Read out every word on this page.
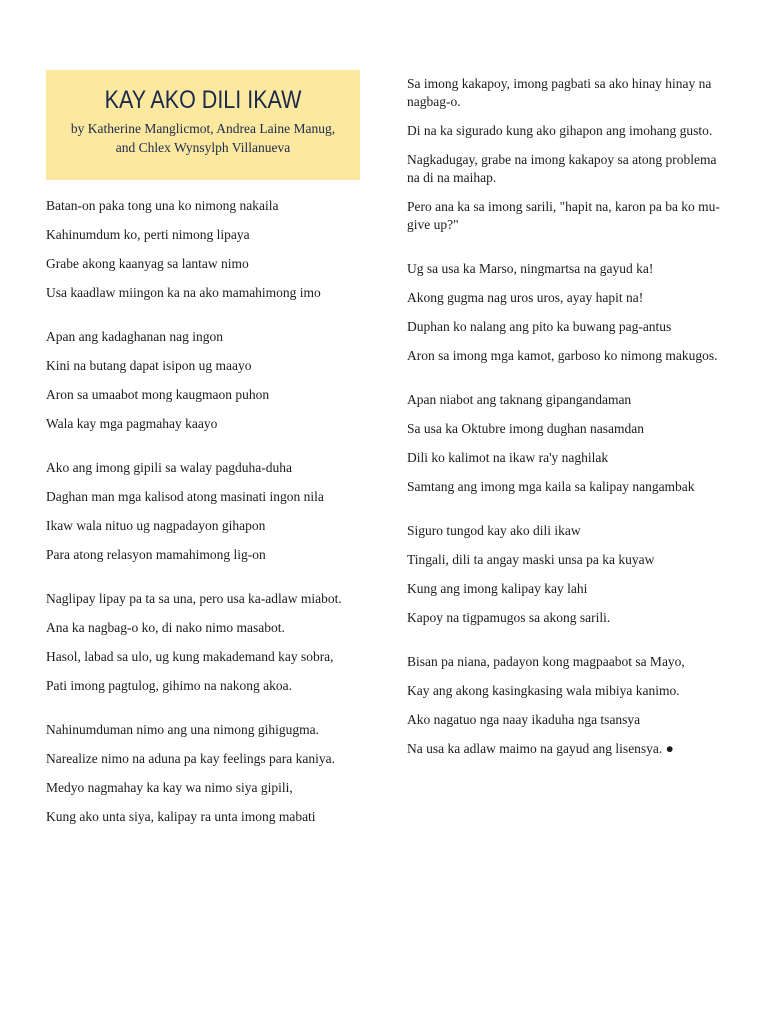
KAY AKO DILI IKAW
by Katherine Manglicmot, Andrea Laine Manug,
and Chlex Wynsylph Villanueva

Batan-on paka tong una ko nimong nakaila

Kahinumdum ko, perti nimong lipaya

Grabe akong kaanyag sa lantaw nimo

Usa kaadlaw miingon ka na ako mamahimong imo

Apan ang kadaghanan nag ingon

Kini na butang dapat isipon ug maayo

Aron sa umaabot mong kaugmaon puhon

Wala kay mga pagmahay kaayo

Ako ang imong gipili sa walay pagduha-duha

Daghan man mga kalisod atong masinati ingon nila

Ikaw wala nituo ug nagpadayon gihapon

Para atong relasyon mamahimong lig-on

Naglipay lipay pa ta sa una, pero usa ka-adlaw miabot.

Ana ka nagbag-o ko, di nako nimo masabot.

Hasol, labad sa ulo, ug kung makademand kay sobra,

Pati imong pagtulog, gihimo na nakong akoa.

Nahinumduman nimo ang una nimong gihigugma.

Narealize nimo na aduna pa kay feelings para kaniya.

Medyo nagmahay ka kay wa nimo siya gipili,

Kung ako unta siya, kalipay ra unta imong mabati

Sa imong kakapoy, imong pagbati sa ako hinay hinay na nagbag-o.

Di na ka sigurado kung ako gihapon ang imohang gusto.

Nagkadugay, grabe na imong kakapoy sa atong problema na di na maihap.

Pero ana ka sa imong sarili, "hapit na, karon pa ba ko mu-give up?"

Ug sa usa ka Marso, ningmartsa na gayud ka!

Akong gugma nag uros uros, ayay hapit na!

Duphan ko nalang ang pito ka buwang pag-antus

Aron sa imong mga kamot, garboso ko nimong makugos.

Apan niabot ang taknang gipangandaman

Sa usa ka Oktubre imong dughan nasamdan

Dili ko kalimot na ikaw ra'y naghilak

Samtang ang imong mga kaila sa kalipay nangambak

Siguro tungod kay ako dili ikaw

Tingali, dili ta angay maski unsa pa ka kuyaw

Kung ang imong kalipay kay lahi

Kapoy na tigpamugos sa akong sarili.

Bisan pa niana, padayon kong magpaabot sa Mayo,

Kay ang akong kasingkasing wala mibiya kanimo.

Ako nagatuo nga naay ikaduha nga tsansya

Na usa ka adlaw maimo na gayud ang lisensya. ●
